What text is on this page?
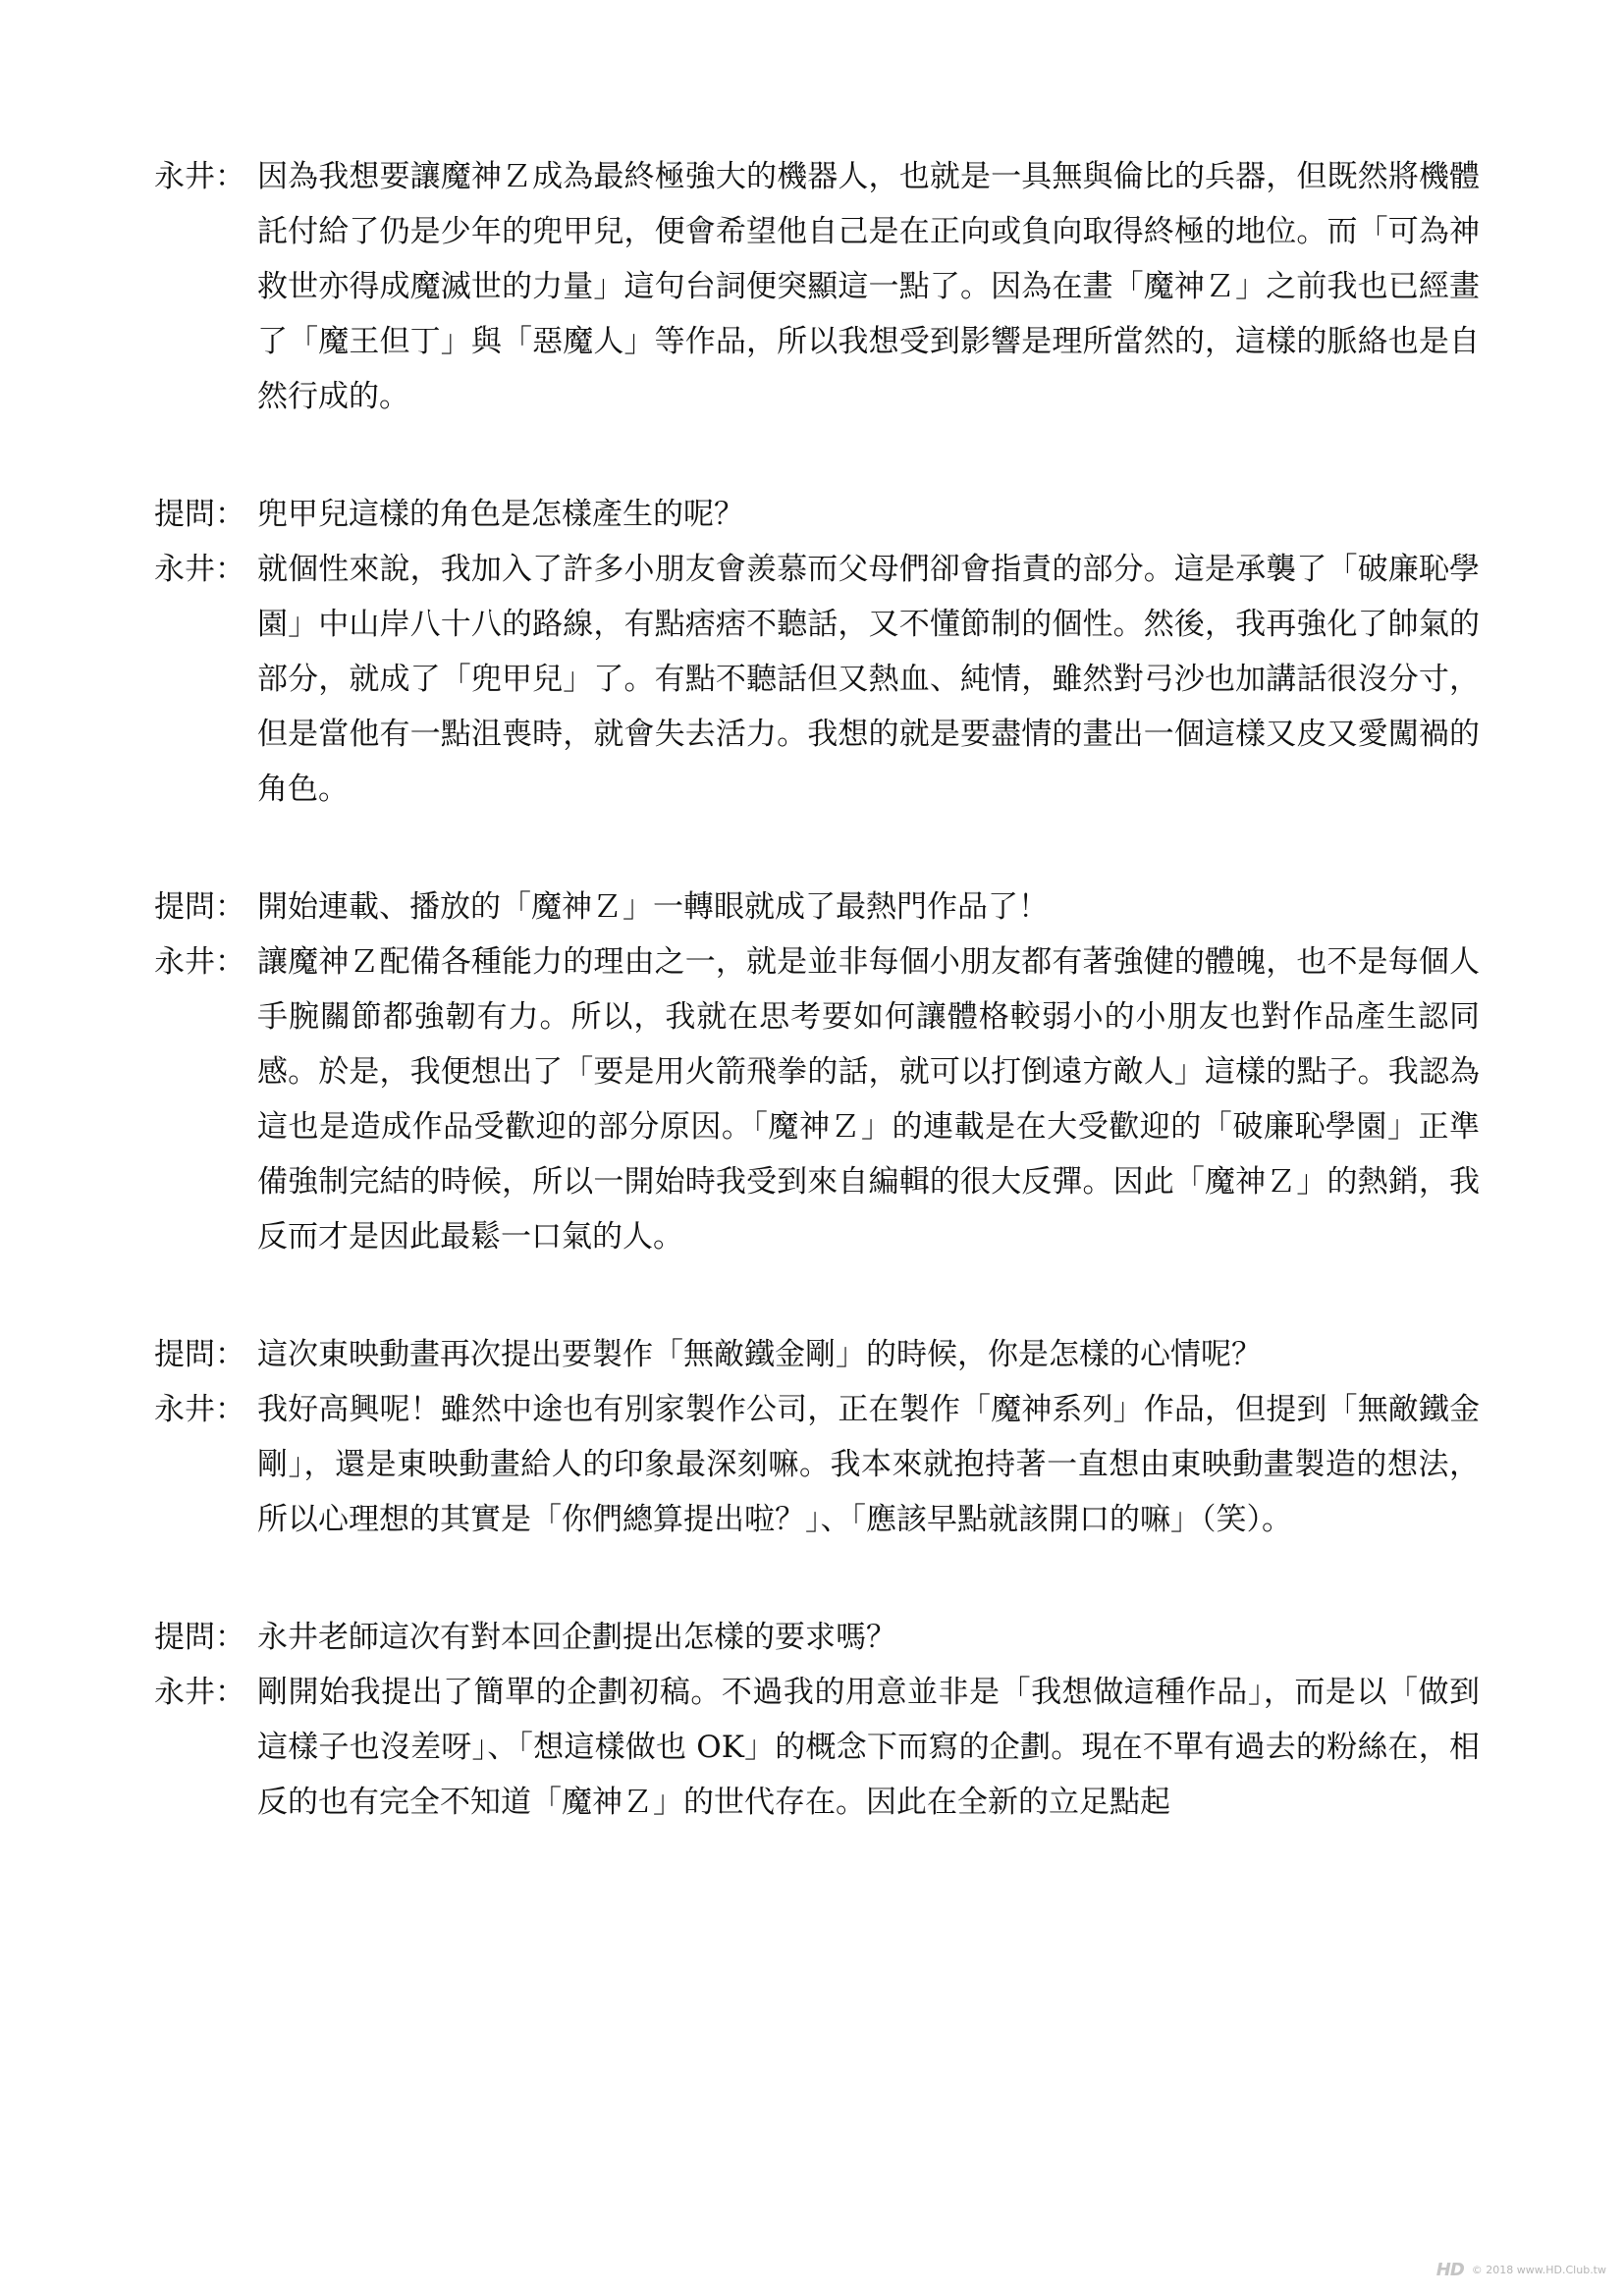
永井： 因為我想要讓魔神Ｚ成為最終極強大的機器人，也就是一具無與倫比的兵器，但既然將機體託付給了仍是少年的兜甲兒，便會希望他自己是在正向或負向取得終極的地位。而「可為神救世亦得成魔滅世的力量」這句台詞便突顯這一點了。因為在畫「魔神Ｚ」之前我也已經畫了「魔王但丁」與「惡魔人」等作品，所以我想受到影響是理所當然的，這樣的脈絡也是自然行成的。
提問： 兜甲兒這樣的角色是怎樣產生的呢？
永井： 就個性來說，我加入了許多小朋友會羨慕而父母們卻會指責的部分。這是承襲了「破廉恥學園」中山岸八十八的路線，有點痞痞不聽話，又不懂節制的個性。然後，我再強化了帥氣的部分，就成了「兜甲兒」了。有點不聽話但又熱血、純情，雖然對弓沙也加講話很沒分寸，但是當他有一點沮喪時，就會失去活力。我想的就是要盡情的畫出一個這樣又皮又愛闖禍的角色。
提問： 開始連載、播放的「魔神Ｚ」一轉眼就成了最熱門作品了！
永井： 讓魔神Ｚ配備各種能力的理由之一，就是並非每個小朋友都有著強健的體魄，也不是每個人手腕關節都強韌有力。所以，我就在思考要如何讓體格較弱小的小朋友也對作品產生認同感。於是，我便想出了「要是用火箭飛拳的話，就可以打倒遠方敵人」這樣的點子。我認為這也是造成作品受歡迎的部分原因。「魔神Ｚ」的連載是在大受歡迎的「破廉恥學園」正準備強制完結的時候，所以一開始時我受到來自編輯的很大反彈。因此「魔神Ｚ」的熱銷，我反而才是因此最鬆一口氣的人。
提問： 這次東映動畫再次提出要製作「無敵鐵金剛」的時候，你是怎樣的心情呢？
永井： 我好高興呢！雖然中途也有別家製作公司，正在製作「魔神系列」作品，但提到「無敵鐵金剛」，還是東映動畫給人的印象最深刻嘛。我本來就抱持著一直想由東映動畫製造的想法，所以心理想的其實是「你們總算提出啦？」、「應該早點就該開口的嘛」（笑）。
提問： 永井老師這次有對本回企劃提出怎樣的要求嗎？
永井： 剛開始我提出了簡單的企劃初稿。不過我的用意並非是「我想做這種作品」，而是以「做到這樣子也沒差呀」、「想這樣做也 OK」的概念下而寫的企劃。現在不單有過去的粉絲在，相反的也有完全不知道「魔神Ｚ」的世代存在。因此在全新的立足點起
HD © 2018 www.HD.Club.tw
